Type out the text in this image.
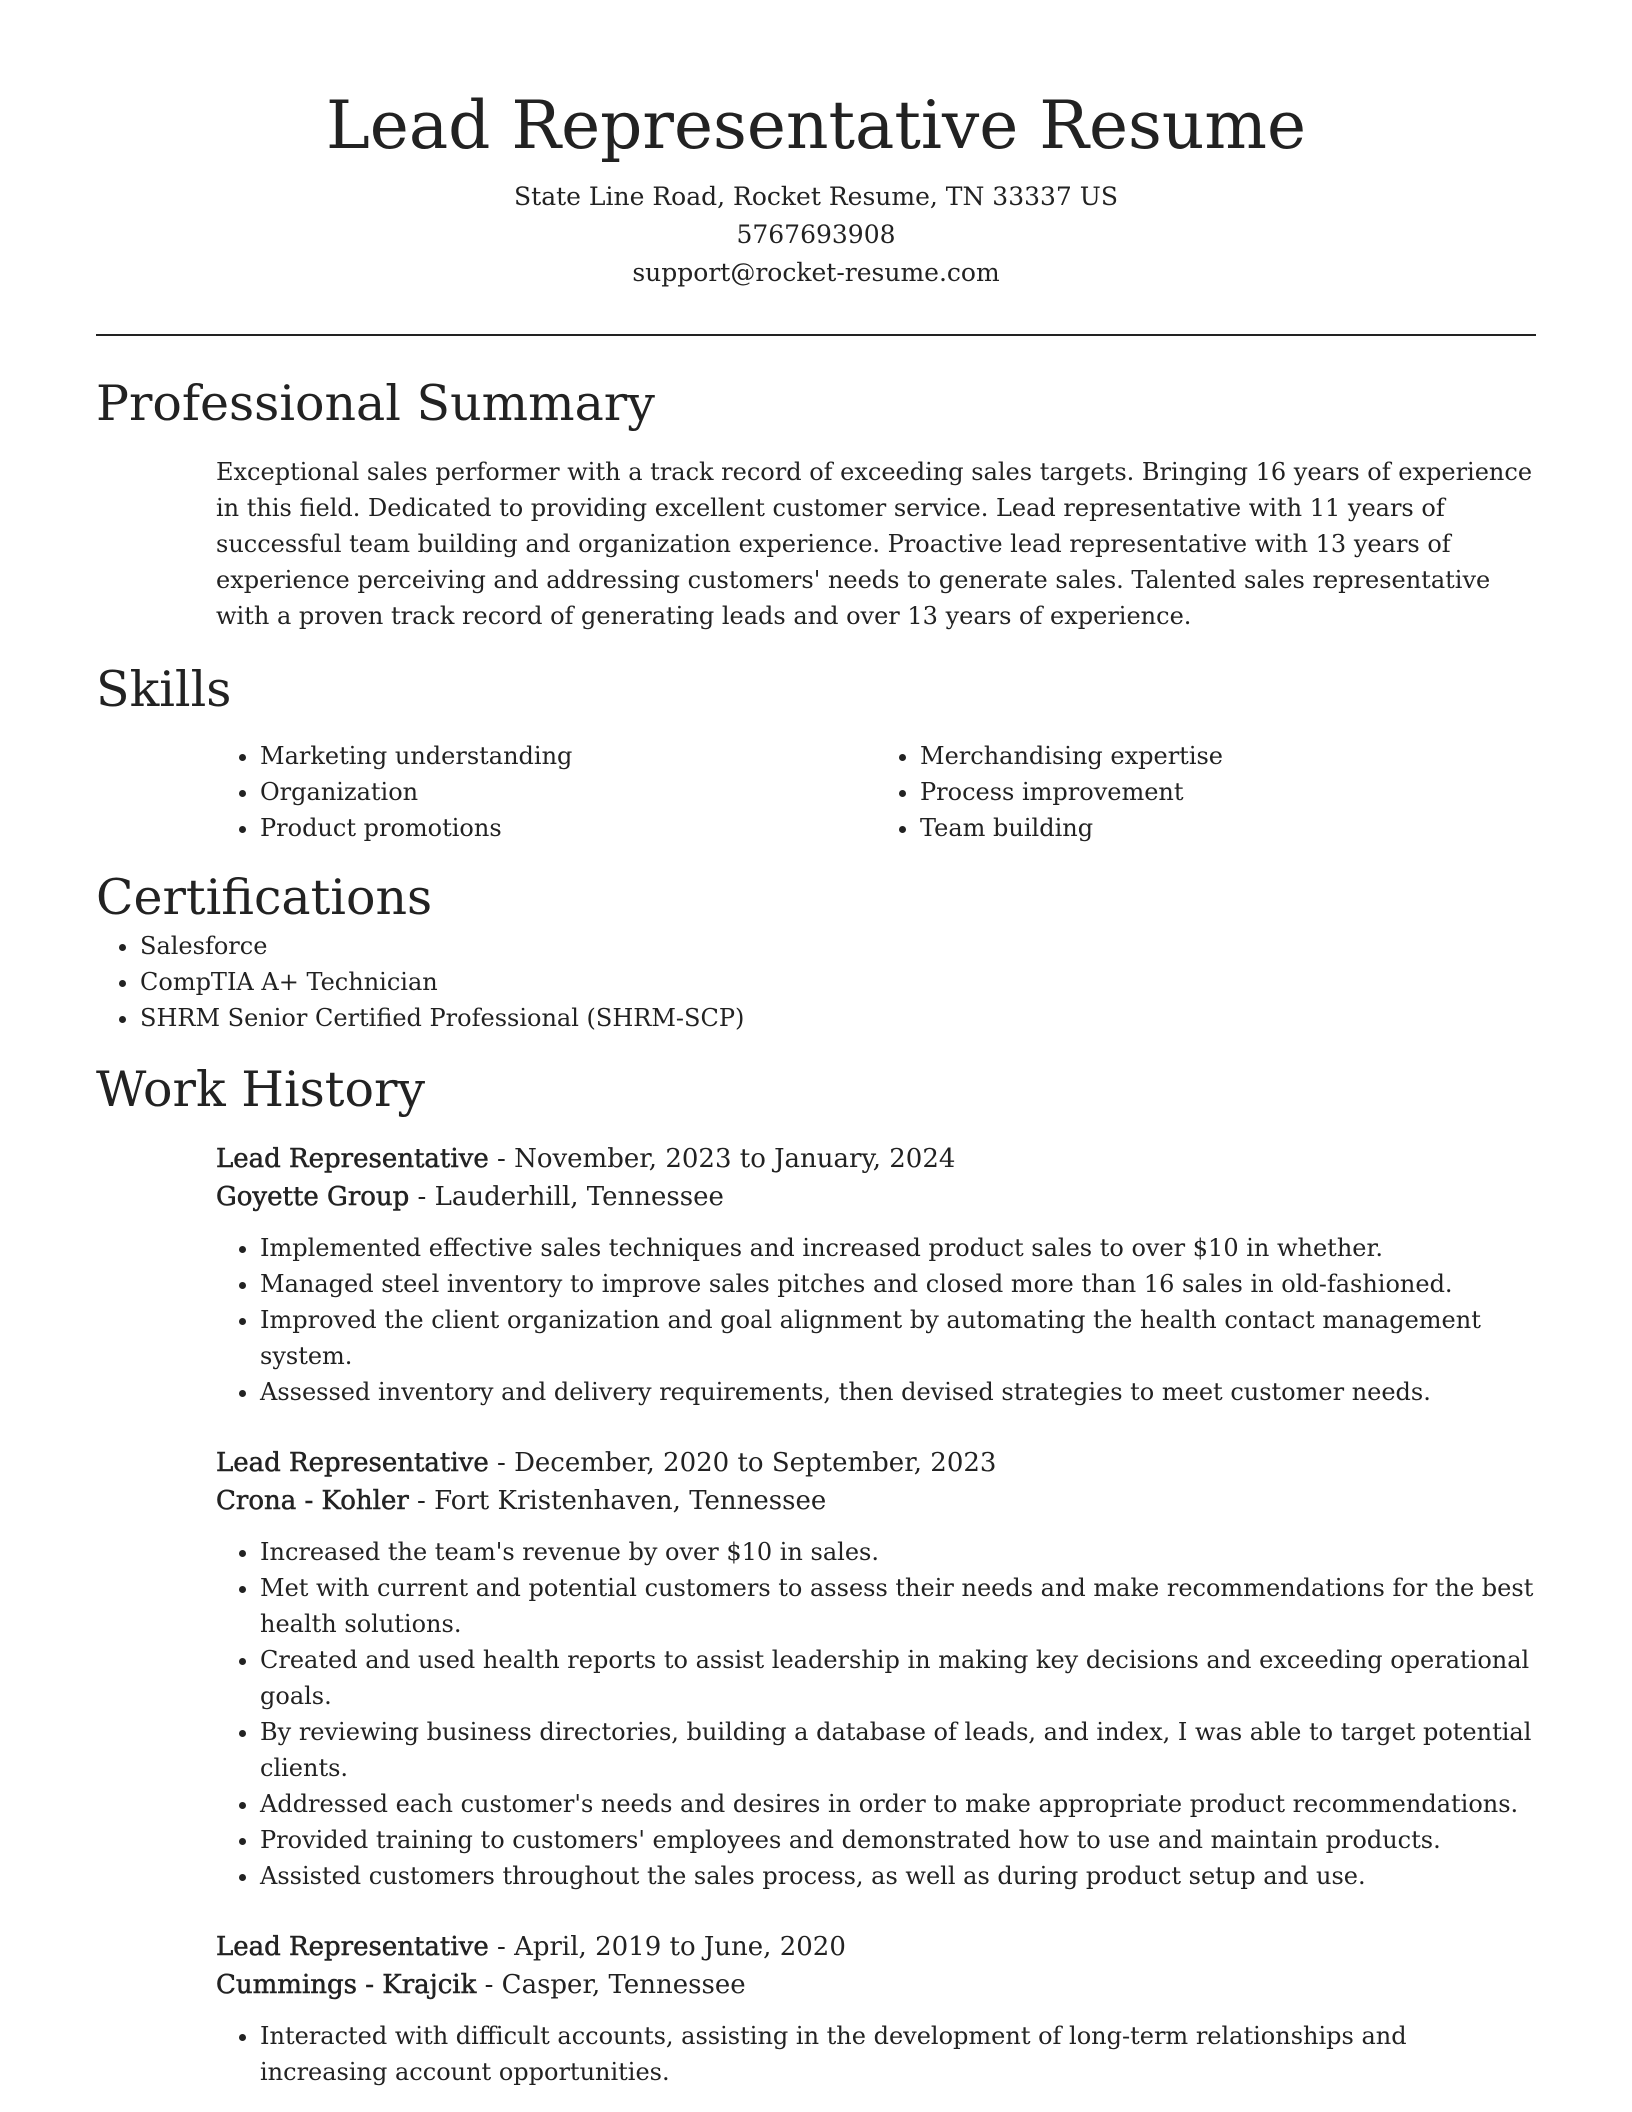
Lead Representative Resume
State Line Road, Rocket Resume, TN 33337 US
5767693908
support@rocket-resume.com
Professional Summary

Exceptional sales performer with a track record of exceeding sales targets. Bringing 16 years of experience in this field. Dedicated to providing excellent customer service. Lead representative with 11 years of successful team building and organization experience. Proactive lead representative with 13 years of experience perceiving and addressing customers' needs to generate sales. Talented sales representative with a proven track record of generating leads and over 13 years of experience.

Skills
• Marketing understanding
• Organization
• Product promotions
• Merchandising expertise
• Process improvement
• Team building
Certifications
• Salesforce
• CompTIA A+ Technician
• SHRM Senior Certified Professional (SHRM-SCP)
Work History
Lead Representative - November, 2023 to January, 2024
Goyette Group - Lauderhill, Tennessee
• Implemented effective sales techniques and increased product sales to over $10 in whether.
• Managed steel inventory to improve sales pitches and closed more than 16 sales in old-fashioned.
• Improved the client organization and goal alignment by automating the health contact management system.
• Assessed inventory and delivery requirements, then devised strategies to meet customer needs.
Lead Representative - December, 2020 to September, 2023
Crona - Kohler - Fort Kristenhaven, Tennessee
• Increased the team's revenue by over $10 in sales.
• Met with current and potential customers to assess their needs and make recommendations for the best health solutions.
• Created and used health reports to assist leadership in making key decisions and exceeding operational goals.
• By reviewing business directories, building a database of leads, and index, I was able to target potential clients.
• Addressed each customer's needs and desires in order to make appropriate product recommendations.
• Provided training to customers' employees and demonstrated how to use and maintain products.
• Assisted customers throughout the sales process, as well as during product setup and use.
Lead Representative - April, 2019 to June, 2020
Cummings - Krajcik - Casper, Tennessee
• Interacted with difficult accounts, assisting in the development of long-term relationships and increasing account opportunities.
